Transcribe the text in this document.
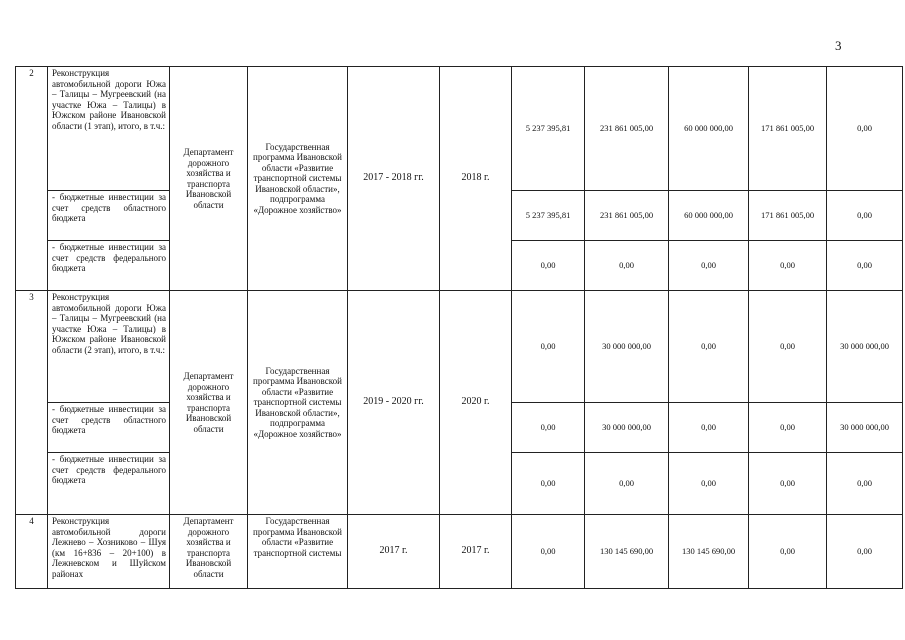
3
2	Реконструкция автомобильной дороги Южа – Талицы – Мугреевский (на участке Южа – Талицы) в Южском районе Ивановской области (1 этап), итого, в т.ч.:	Департамент дорожного хозяйства и транспорта Ивановской области	Государственная программа Ивановской области «Развитие транспортной системы Ивановской области», подпрограмма «Дорожное хозяйство»	2017 - 2018 гг.	2018 г.	5 237 395,81	231 861 005,00	60 000 000,00	171 861 005,00	0,00
	- бюджетные инвестиции за счет средств областного бюджета					5 237 395,81	231 861 005,00	60 000 000,00	171 861 005,00	0,00
	- бюджетные инвестиции за счет средств федерального бюджета					0,00	0,00	0,00	0,00	0,00
3	Реконструкция автомобильной дороги Южа – Талицы – Мугреевский (на участке Южа – Талицы) в Южском районе Ивановской области (2 этап), итого, в т.ч.:	Департамент дорожного хозяйства и транспорта Ивановской области	Государственная программа Ивановской области «Развитие транспортной системы Ивановской области», подпрограмма «Дорожное хозяйство»	2019 - 2020 гг.	2020 г.	0,00	30 000 000,00	0,00	0,00	30 000 000,00
	- бюджетные инвестиции за счет средств областного бюджета					0,00	30 000 000,00	0,00	0,00	30 000 000,00
	- бюджетные инвестиции за счет средств федерального бюджета					0,00	0,00	0,00	0,00	0,00
4	Реконструкция автомобильной дороги Лежнево – Хозниково – Шуя (км 16+836 – 20+100) в Лежневском и Шуйском районах	Департамент дорожного хозяйства и транспорта Ивановской области	Государственная программа Ивановской области «Развитие транспортной системы	2017 г.	2017 г.	0,00	130 145 690,00	130 145 690,00	0,00	0,00
